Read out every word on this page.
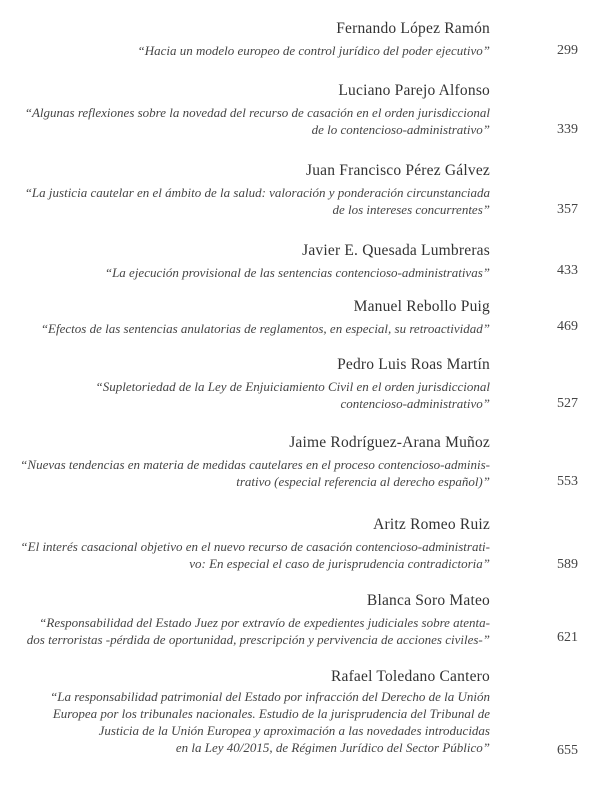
Fernando López Ramón
“Hacia un modelo europeo de control jurídico del poder ejecutivo”	299
Luciano Parejo Alfonso
“Algunas reflexiones sobre la novedad del recurso de casación en el orden jurisdiccional
de lo contencioso-administrativo”	339
Juan Francisco Pérez Gálvez
“La justicia cautelar en el ámbito de la salud: valoración y ponderación circunstanciada
de los intereses concurrentes”	357
Javier E. Quesada Lumbreras
“La ejecución provisional de las sentencias contencioso-administrativas”	433
Manuel Rebollo Puig
“Efectos de las sentencias anulatorias de reglamentos, en especial, su retroactividad”	469
Pedro Luis Roas Martín
“Supletoriedad de la Ley de Enjuiciamiento Civil en el orden jurisdiccional
contencioso-administrativo”	527
Jaime Rodríguez-Arana Muñoz
“Nuevas tendencias en materia de medidas cautelares en el proceso contencioso-adminis-
trativo (especial referencia al derecho español)”	553
Aritz Romeo Ruiz
“El interés casacional objetivo en el nuevo recurso de casación contencioso-administrati-
vo: En especial el caso de jurisprudencia contradictoria”	589
Blanca Soro Mateo
“Responsabilidad del Estado Juez por extravío de expedientes judiciales sobre atenta-
dos terroristas -pérdida de oportunidad, prescripción y pervivencia de acciones civiles-”	621
Rafael Toledano Cantero
“La responsabilidad patrimonial del Estado por infracción del Derecho de la Unión
Europea por los tribunales nacionales. Estudio de la jurisprudencia del Tribunal de
Justicia de la Unión Europea y aproximación a las novedades introducidas
en la Ley 40/2015, de Régimen Jurídico del Sector Público”	655
